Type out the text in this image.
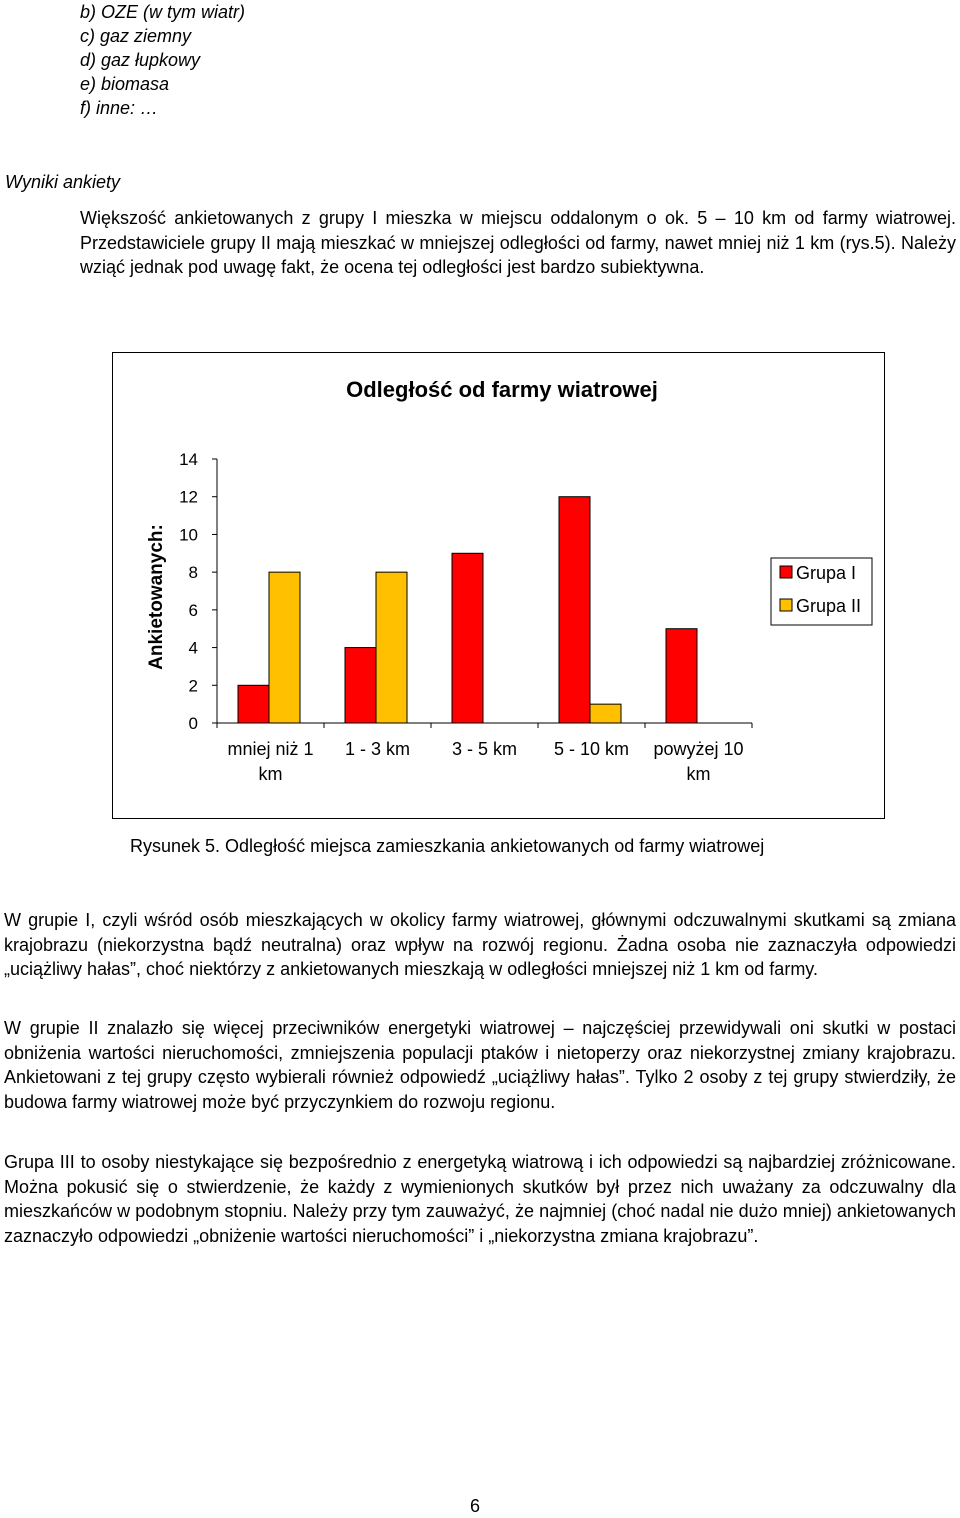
b) OZE (w tym wiatr)
c) gaz ziemny
d) gaz łupkowy
e) biomasa
f) inne: …
Wyniki ankiety
Większość ankietowanych z grupy I mieszka w miejscu oddalonym o ok. 5 – 10 km od farmy wiatrowej. Przedstawiciele grupy II mają mieszkać w mniejszej odległości od farmy, nawet mniej niż 1 km (rys.5). Należy wziąć jednak pod uwagę fakt, że ocena tej odległości jest bardzo subiektywna.
Odległość od farmy wiatrowej
Ankietowanych:
0
2
4
6
8
10
12
14
mniej niż 1
km
1 - 3 km 3 - 5 km 5 - 10 km powyżej 10
km
Grupa I
Grupa II
Rysunek 5. Odległość miejsca zamieszkania ankietowanych od farmy wiatrowej
W grupie I, czyli wśród osób mieszkających w okolicy farmy wiatrowej, głównymi odczuwalnymi skutkami są zmiana krajobrazu (niekorzystna bądź neutralna) oraz wpływ na rozwój regionu. Żadna osoba nie zaznaczyła odpowiedzi „uciążliwy hałas”, choć niektórzy z ankietowanych mieszkają w odległości mniejszej niż 1 km od farmy.
W grupie II znalazło się więcej przeciwników energetyki wiatrowej – najczęściej przewidywali oni skutki w postaci obniżenia wartości nieruchomości, zmniejszenia populacji ptaków i nietoperzy oraz niekorzystnej zmiany krajobrazu. Ankietowani z tej grupy często wybierali również odpowiedź „uciążliwy hałas”. Tylko 2 osoby z tej grupy stwierdziły, że budowa farmy wiatrowej może być przyczynkiem do rozwoju regionu.
Grupa III to osoby niestykające się bezpośrednio z energetyką wiatrową i ich odpowiedzi są najbardziej zróżnicowane. Można pokusić się o stwierdzenie, że każdy z wymienionych skutków był przez nich uważany za odczuwalny dla mieszkańców w podobnym stopniu. Należy przy tym zauważyć, że najmniej (choć nadal nie dużo mniej) ankietowanych zaznaczyło odpowiedzi „obniżenie wartości nieruchomości” i „niekorzystna zmiana krajobrazu”.
6
